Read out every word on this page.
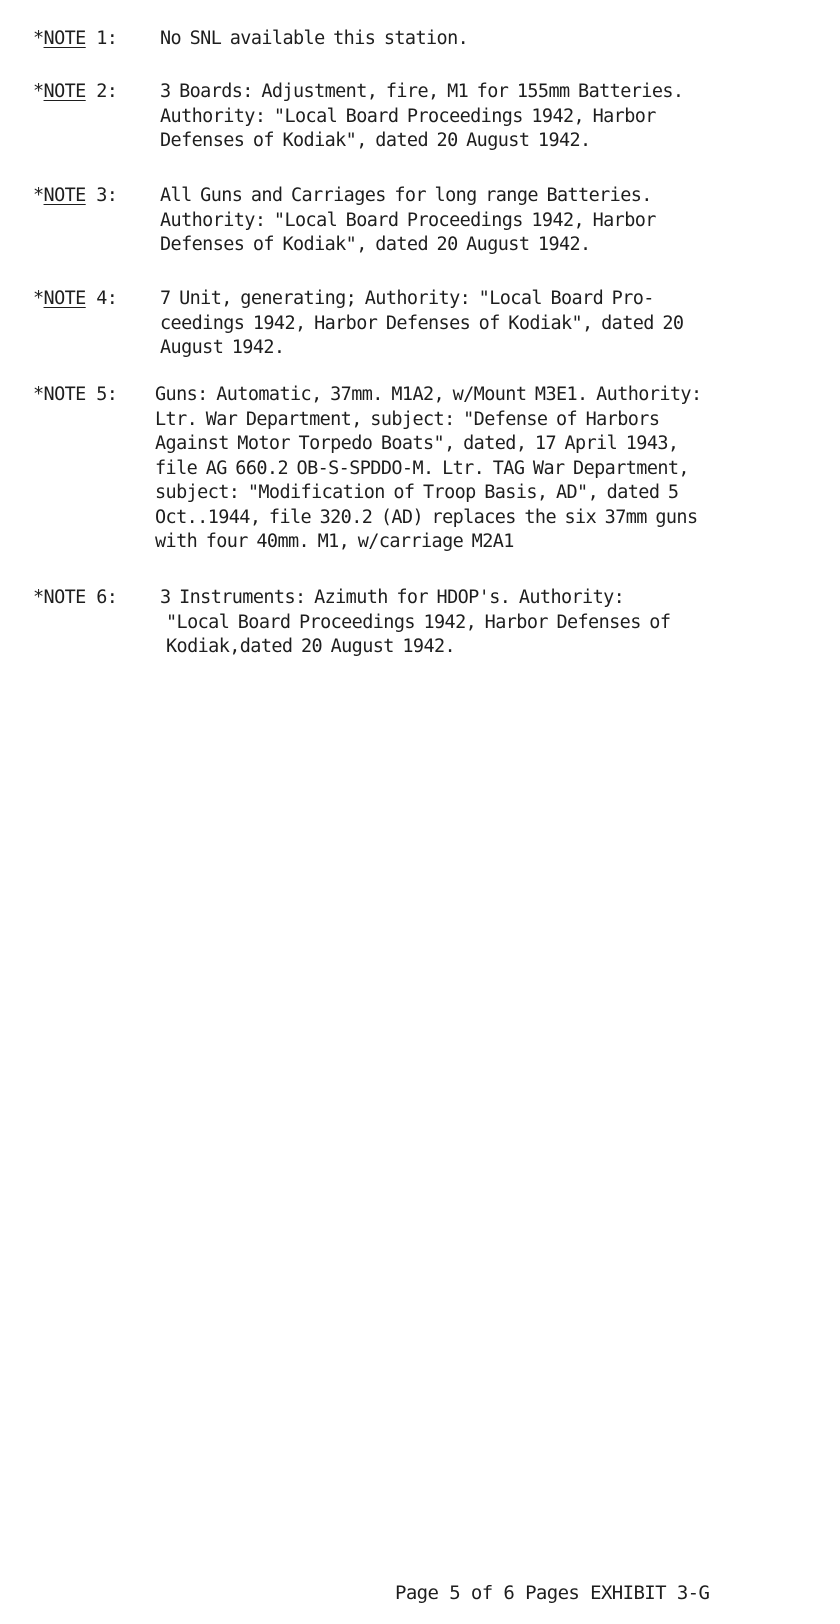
*NOTE 1: No SNL available this station.
*NOTE 2: 3 Boards: Adjustment, fire, M1 for 155mm Batteries.
Authority: "Local Board Proceedings 1942, Harbor
Defenses of Kodiak", dated 20 August 1942.
*NOTE 3: All Guns and Carriages for long range Batteries.
Authority: "Local Board Proceedings 1942, Harbor
Defenses of Kodiak", dated 20 August 1942.
*NOTE 4: 7 Unit, generating; Authority: "Local Board Pro-
ceedings 1942, Harbor Defenses of Kodiak", dated 20
August 1942.
*NOTE 5: Guns: Automatic, 37mm. M1A2, w/Mount M3E1. Authority:
Ltr. War Department, subject: "Defense of Harbors
Against Motor Torpedo Boats", dated, 17 April 1943,
file AG 660.2 OB-S-SPDDO-M. Ltr. TAG War Department,
subject: "Modification of Troop Basis, AD", dated 5
Oct..1944, file 320.2 (AD) replaces the six 37mm guns
with four 40mm. M1, w/carriage M2A1
*NOTE 6: 3 Instruments: Azimuth for HDOP's. Authority:
"Local Board Proceedings 1942, Harbor Defenses of
Kodiak,dated 20 August 1942.
Page 5 of 6 Pages EXHIBIT 3-G
